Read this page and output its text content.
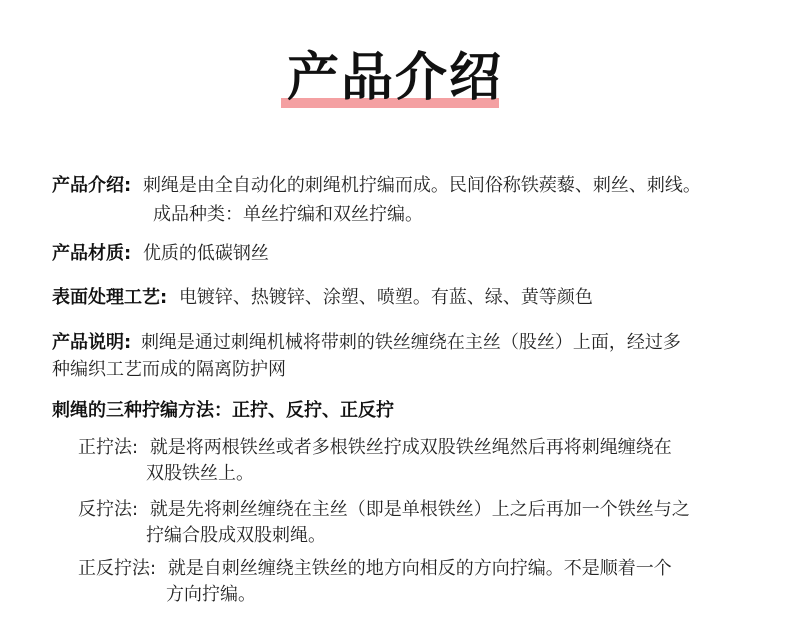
产品介绍
产品介绍: 刺绳是由全自动化的刺绳机拧编而成。民间俗称铁蒺藜、刺丝、刺线。
成品种类：单丝拧编和双丝拧编。
产品材质: 优质的低碳钢丝
表面处理工艺: 电镀锌、热镀锌、涂塑、喷塑。有蓝、绿、黄等颜色
产品说明: 刺绳是通过刺绳机械将带刺的铁丝缠绕在主丝（股丝）上面，经过多
种编织工艺而成的隔离防护网
刺绳的三种拧编方法：正拧、反拧、正反拧
正拧法: 就是将两根铁丝或者多根铁丝拧成双股铁丝绳然后再将刺绳缠绕在
双股铁丝上。
反拧法: 就是先将刺丝缠绕在主丝（即是单根铁丝）上之后再加一个铁丝与之
拧编合股成双股刺绳。
正反拧法: 就是自刺丝缠绕主铁丝的地方向相反的方向拧编。不是顺着一个
方向拧编。
